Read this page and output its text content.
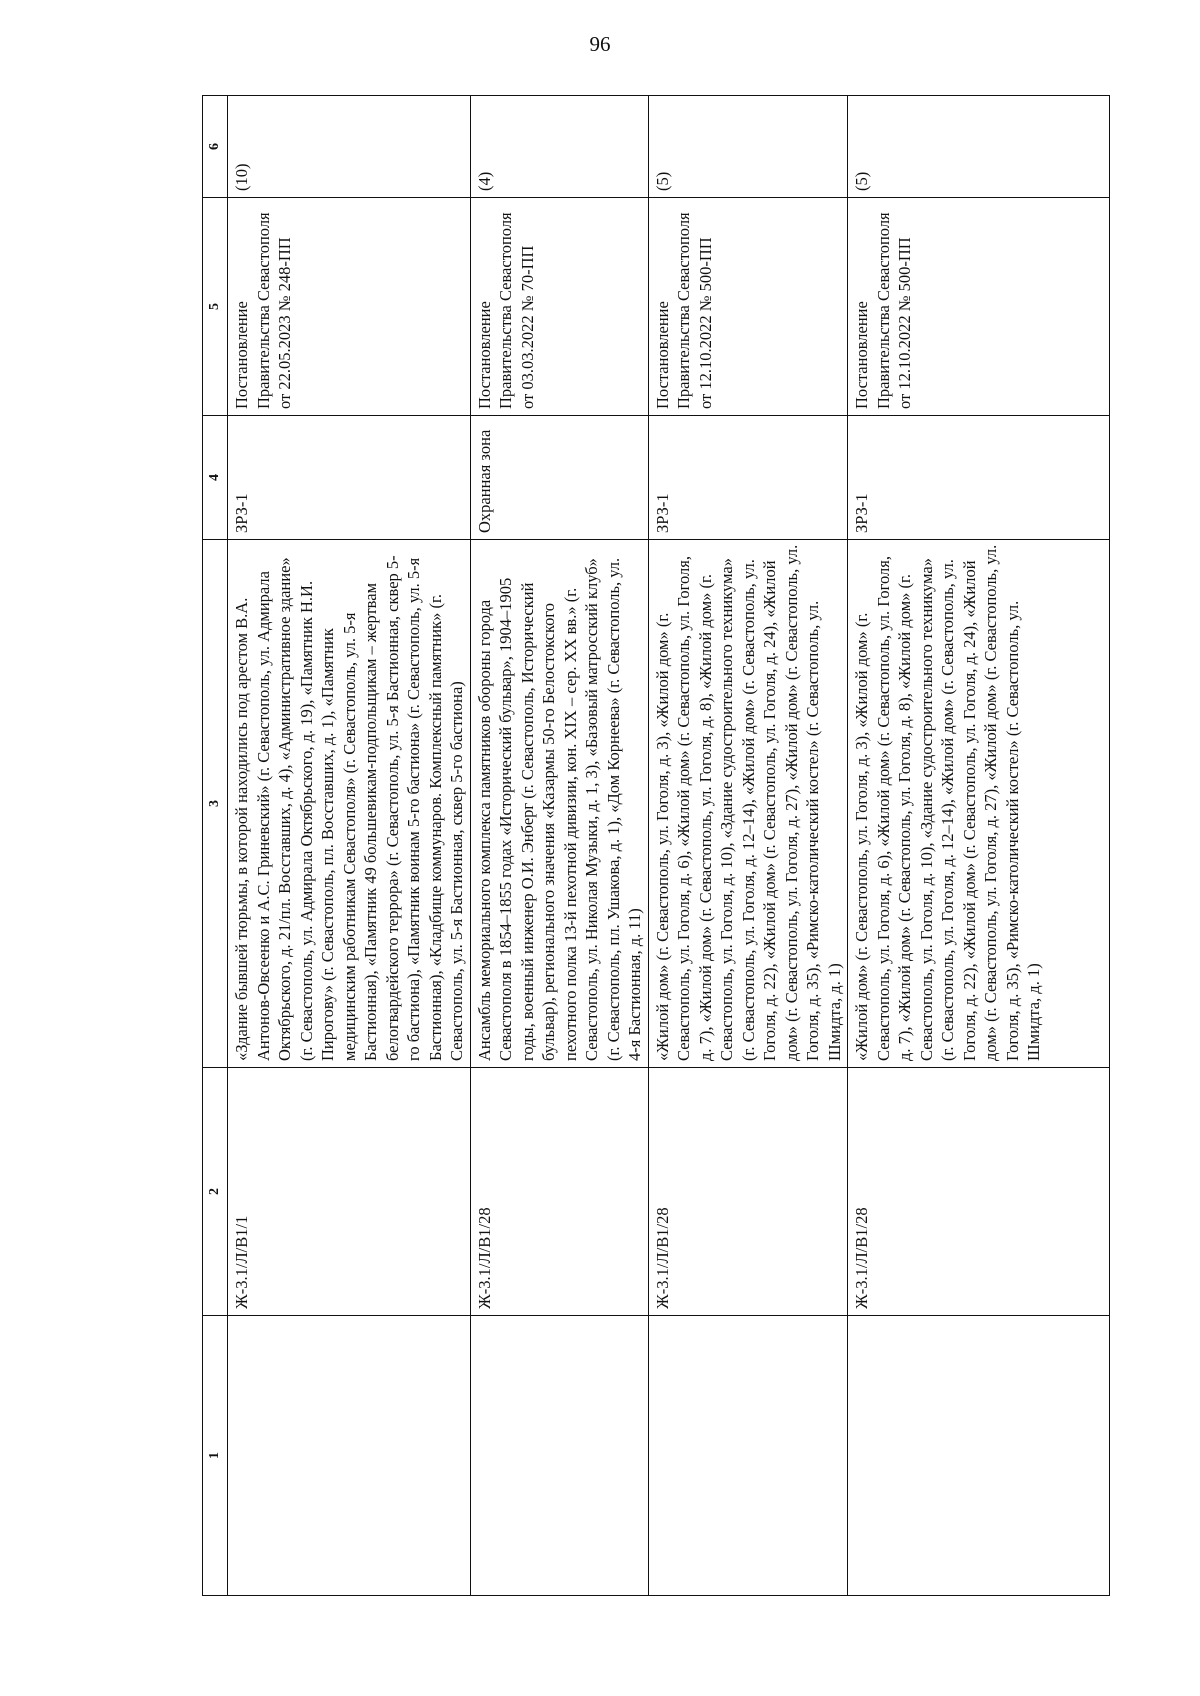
96
1	2	3	4	5	6
	Ж-3.1/Л/В1/1	«Здание бывшей тюрьмы, в которой находились под арестом В.А. Антонов-Овсеенко и А.С. Гриневский» (г. Севастополь, ул. Адмирала Октябрьского, д. 21/пл. Восставших, д. 4), «Административное здание» (г. Севастополь, ул. Адмирала Октябрьского, д. 19), «Памятник Н.И. Пирогову» (г. Севастополь, пл. Восставших, д. 1), «Памятник медицинским работникам Севастополя» (г. Севастополь, ул. 5-я Бастионная), «Памятник 49 большевикам-подпольщикам – жертвам белогвардейского террора» (г. Севастополь, ул. 5-я Бастионная, сквер 5-го бастиона), «Памятник воинам 5-го бастиона» (г. Севастополь, ул. 5-я Бастионная), «Кладбище коммунаров. Комплексный памятник» (г. Севастополь, ул. 5-я Бастионная, сквер 5-го бастиона)	ЗРЗ-1	Постановление Правительства Севастополя от 22.05.2023 № 248-ПП	(10)
	Ж-3.1/Л/В1/28	Ансамбль мемориального комплекса памятников обороны города Севастополя в 1854–1855 годах «Исторический бульвар», 1904–1905 годы, военный инженер О.И. Энберг (г. Севастополь, Исторический бульвар), регионального значения «Казармы 50-го Белостокского пехотного полка 13-й пехотной дивизии, кон. XIX – сер. XX вв.» (г. Севастополь, ул. Николая Музыки, д. 1, 3), «Базовый матросский клуб» (г. Севастополь, пл. Ушакова, д. 1), «Дом Корнеева» (г. Севастополь, ул. 4-я Бастионная, д. 11)	Охранная зона	Постановление Правительства Севастополя от 03.03.2022 № 70-ПП	(4)
	Ж-3.1/Л/В1/28	«Жилой дом» (г. Севастополь, ул. Гоголя, д. 3), «Жилой дом» (г. Севастополь, ул. Гоголя, д. 6), «Жилой дом» (г. Севастополь, ул. Гоголя, д. 7), «Жилой дом» (г. Севастополь, ул. Гоголя, д. 8), «Жилой дом» (г. Севастополь, ул. Гоголя, д. 10), «Здание судостроительного техникума» (г. Севастополь, ул. Гоголя, д. 12–14), «Жилой дом» (г. Севастополь, ул. Гоголя, д. 22), «Жилой дом» (г. Севастополь, ул. Гоголя, д. 24), «Жилой дом» (г. Севастополь, ул. Гоголя, д. 27), «Жилой дом» (г. Севастополь, ул. Гоголя, д. 35), «Римско-католический костел» (г. Севастополь, ул. Шмидта, д. 1)	ЗРЗ-1	Постановление Правительства Севастополя от 12.10.2022 № 500-ПП	(5)
	Ж-3.1/Л/В1/28	«Жилой дом» (г. Севастополь, ул. Гоголя, д. 3), «Жилой дом» (г. Севастополь, ул. Гоголя, д. 6), «Жилой дом» (г. Севастополь, ул. Гоголя, д. 7), «Жилой дом» (г. Севастополь, ул. Гоголя, д. 8), «Жилой дом» (г. Севастополь, ул. Гоголя, д. 10), «Здание судостроительного техникума» (г. Севастополь, ул. Гоголя, д. 12–14), «Жилой дом» (г. Севастополь, ул. Гоголя, д. 22), «Жилой дом» (г. Севастополь, ул. Гоголя, д. 24), «Жилой дом» (г. Севастополь, ул. Гоголя, д. 27), «Жилой дом» (г. Севастополь, ул. Гоголя, д. 35), «Римско-католический костел» (г. Севастополь, ул. Шмидта, д. 1)	ЗРЗ-1	Постановление Правительства Севастополя от 12.10.2022 № 500-ПП	(5)
